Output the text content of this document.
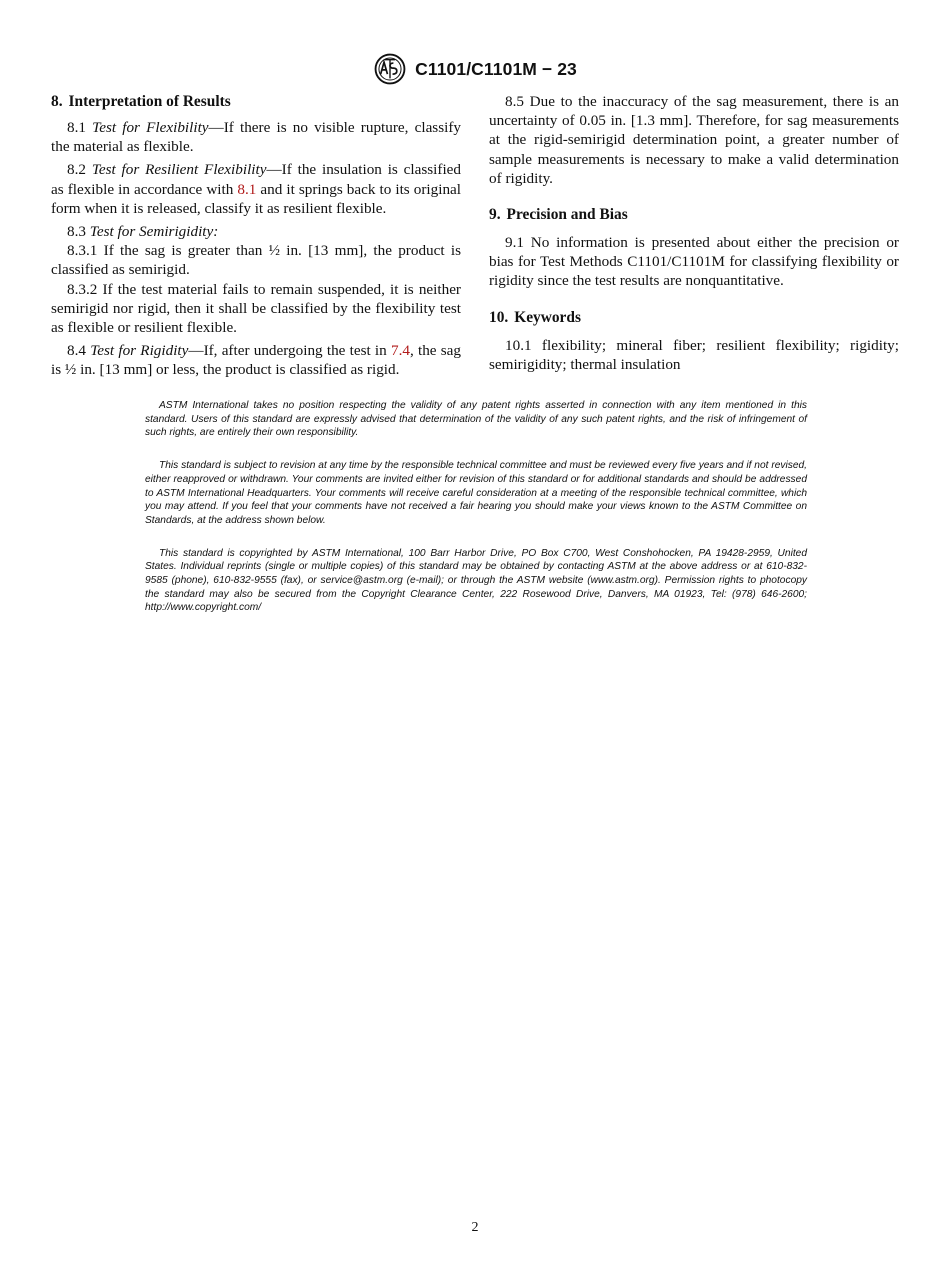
C1101/C1101M − 23
8. Interpretation of Results

8.1 Test for Flexibility—If there is no visible rupture, classify the material as flexible.

8.2 Test for Resilient Flexibility—If the insulation is classified as flexible in accordance with 8.1 and it springs back to its original form when it is released, classify it as resilient flexible.

8.3 Test for Semirigidity:

8.3.1 If the sag is greater than ½ in. [13 mm], the product is classified as semirigid.

8.3.2 If the test material fails to remain suspended, it is neither semirigid nor rigid, then it shall be classified by the flexibility test as flexible or resilient flexible.

8.4 Test for Rigidity—If, after undergoing the test in 7.4, the sag is ½ in. [13 mm] or less, the product is classified as rigid.

8.5 Due to the inaccuracy of the sag measurement, there is an uncertainty of 0.05 in. [1.3 mm]. Therefore, for sag measurements at the rigid-semirigid determination point, a greater number of sample measurements is necessary to make a valid determination of rigidity.

9. Precision and Bias

9.1 No information is presented about either the precision or bias for Test Methods C1101/C1101M for classifying flexibility or rigidity since the test results are nonquantitative.

10. Keywords

10.1 flexibility; mineral fiber; resilient flexibility; rigidity; semirigidity; thermal insulation

ASTM International takes no position respecting the validity of any patent rights asserted in connection with any item mentioned in this standard. Users of this standard are expressly advised that determination of the validity of any such patent rights, and the risk of infringement of such rights, are entirely their own responsibility.

This standard is subject to revision at any time by the responsible technical committee and must be reviewed every five years and if not revised, either reapproved or withdrawn. Your comments are invited either for revision of this standard or for additional standards and should be addressed to ASTM International Headquarters. Your comments will receive careful consideration at a meeting of the responsible technical committee, which you may attend. If you feel that your comments have not received a fair hearing you should make your views known to the ASTM Committee on Standards, at the address shown below.

This standard is copyrighted by ASTM International, 100 Barr Harbor Drive, PO Box C700, West Conshohocken, PA 19428-2959, United States. Individual reprints (single or multiple copies) of this standard may be obtained by contacting ASTM at the above address or at 610-832-9585 (phone), 610-832-9555 (fax), or service@astm.org (e-mail); or through the ASTM website (www.astm.org). Permission rights to photocopy the standard may also be secured from the Copyright Clearance Center, 222 Rosewood Drive, Danvers, MA 01923, Tel: (978) 646-2600; http://www.copyright.com/

2
